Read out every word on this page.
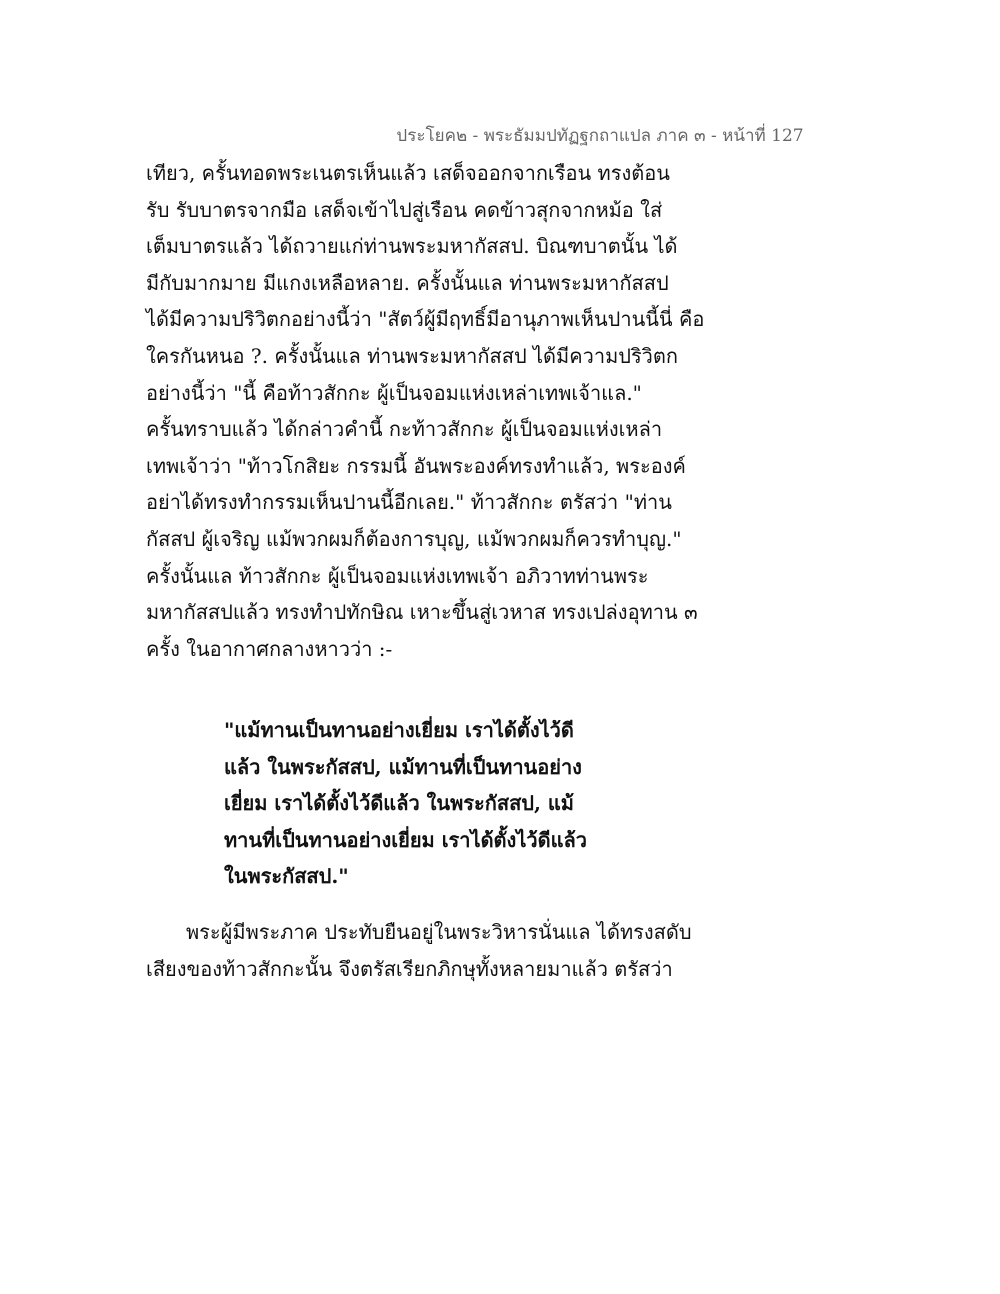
ประโยค๒ - พระธัมมปทัฏฐกถาแปล ภาค ๓ - หน้าที่ 127
เทียว, ครั้นทอดพระเนตรเห็นแล้ว เสด็จออกจากเรือน ทรงต้อน
รับ รับบาตรจากมือ เสด็จเข้าไปสู่เรือน คดข้าวสุกจากหม้อ ใส่
เต็มบาตรแล้ว ได้ถวายแก่ท่านพระมหากัสสป. บิณฑบาตนั้น ได้
มีกับมากมาย มีแกงเหลือหลาย. ครั้งนั้นแล ท่านพระมหากัสสป
ได้มีความปริวิตกอย่างนี้ว่า "สัตว์ผู้มีฤทธิ์มีอานุภาพเห็นปานนี้นี่ คือ
ใครกันหนอ ?. ครั้งนั้นแล ท่านพระมหากัสสป ได้มีความปริวิตก
อย่างนี้ว่า "นี้ คือท้าวสักกะ ผู้เป็นจอมแห่งเหล่าเทพเจ้าแล."
ครั้นทราบแล้ว ได้กล่าวคำนี้ กะท้าวสักกะ ผู้เป็นจอมแห่งเหล่า
เทพเจ้าว่า "ท้าวโกสิยะ กรรมนี้ อันพระองค์ทรงทำแล้ว, พระองค์
อย่าได้ทรงทำกรรมเห็นปานนี้อีกเลย." ท้าวสักกะ ตรัสว่า "ท่าน
กัสสป ผู้เจริญ แม้พวกผมก็ต้องการบุญ, แม้พวกผมก็ควรทำบุญ."
ครั้งนั้นแล ท้าวสักกะ ผู้เป็นจอมแห่งเทพเจ้า อภิวาทท่านพระ
มหากัสสปแล้ว ทรงทำปทักษิณ เหาะขึ้นสู่เวหาส ทรงเปล่งอุทาน ๓
ครั้ง ในอากาศกลางหาวว่า :-
"แม้ทานเป็นทานอย่างเยี่ยม เราได้ตั้งไว้ดี
แล้ว ในพระกัสสป, แม้ทานที่เป็นทานอย่าง
เยี่ยม เราได้ตั้งไว้ดีแล้ว ในพระกัสสป, แม้
ทานที่เป็นทานอย่างเยี่ยม เราได้ตั้งไว้ดีแล้ว
ในพระกัสสป."
พระผู้มีพระภาค ประทับยืนอยู่ในพระวิหารนั่นแล ได้ทรงสดับ
เสียงของท้าวสักกะนั้น จึงตรัสเรียกภิกษุทั้งหลายมาแล้ว ตรัสว่า
